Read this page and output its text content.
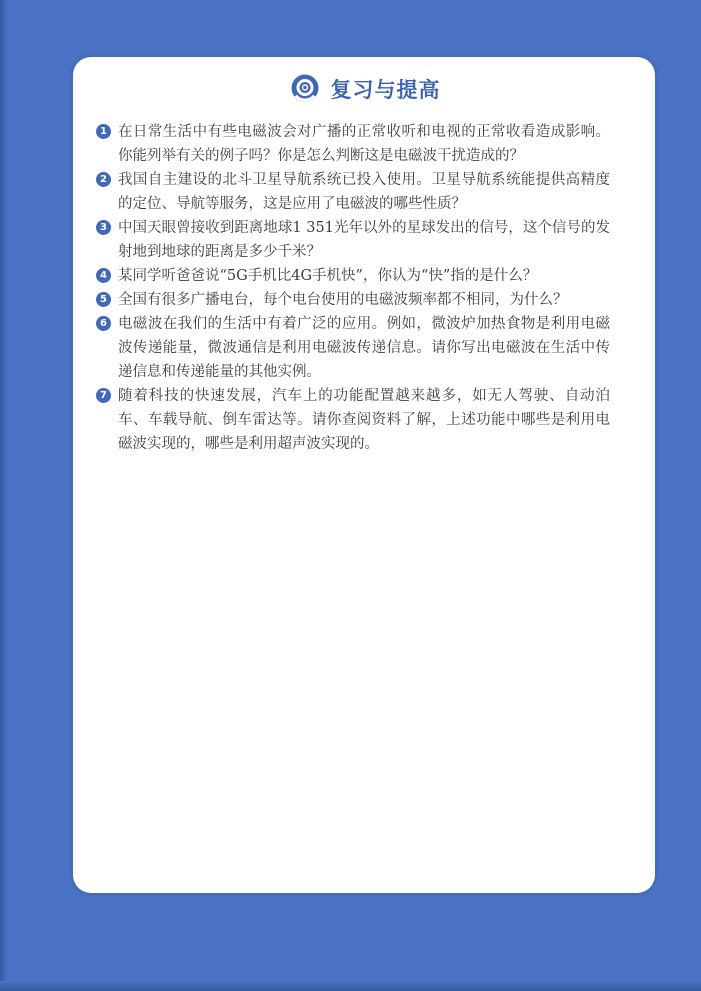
复习与提高
1 在日常生活中有些电磁波会对广播的正常收听和电视的正常收看造成影响。你能列举有关的例子吗？你是怎么判断这是电磁波干扰造成的？
2 我国自主建设的北斗卫星导航系统已投入使用。卫星导航系统能提供高精度的定位、导航等服务，这是应用了电磁波的哪些性质？
3 中国天眼曾接收到距离地球1 351光年以外的星球发出的信号，这个信号的发射地到地球的距离是多少千米？
4 某同学听爸爸说“5G手机比4G手机快”，你认为“快”指的是什么？
5 全国有很多广播电台，每个电台使用的电磁波频率都不相同，为什么？
6 电磁波在我们的生活中有着广泛的应用。例如，微波炉加热食物是利用电磁波传递能量，微波通信是利用电磁波传递信息。请你写出电磁波在生活中传递信息和传递能量的其他实例。
7 随着科技的快速发展，汽车上的功能配置越来越多，如无人驾驶、自动泊车、车载导航、倒车雷达等。请你查阅资料了解，上述功能中哪些是利用电磁波实现的，哪些是利用超声波实现的。
